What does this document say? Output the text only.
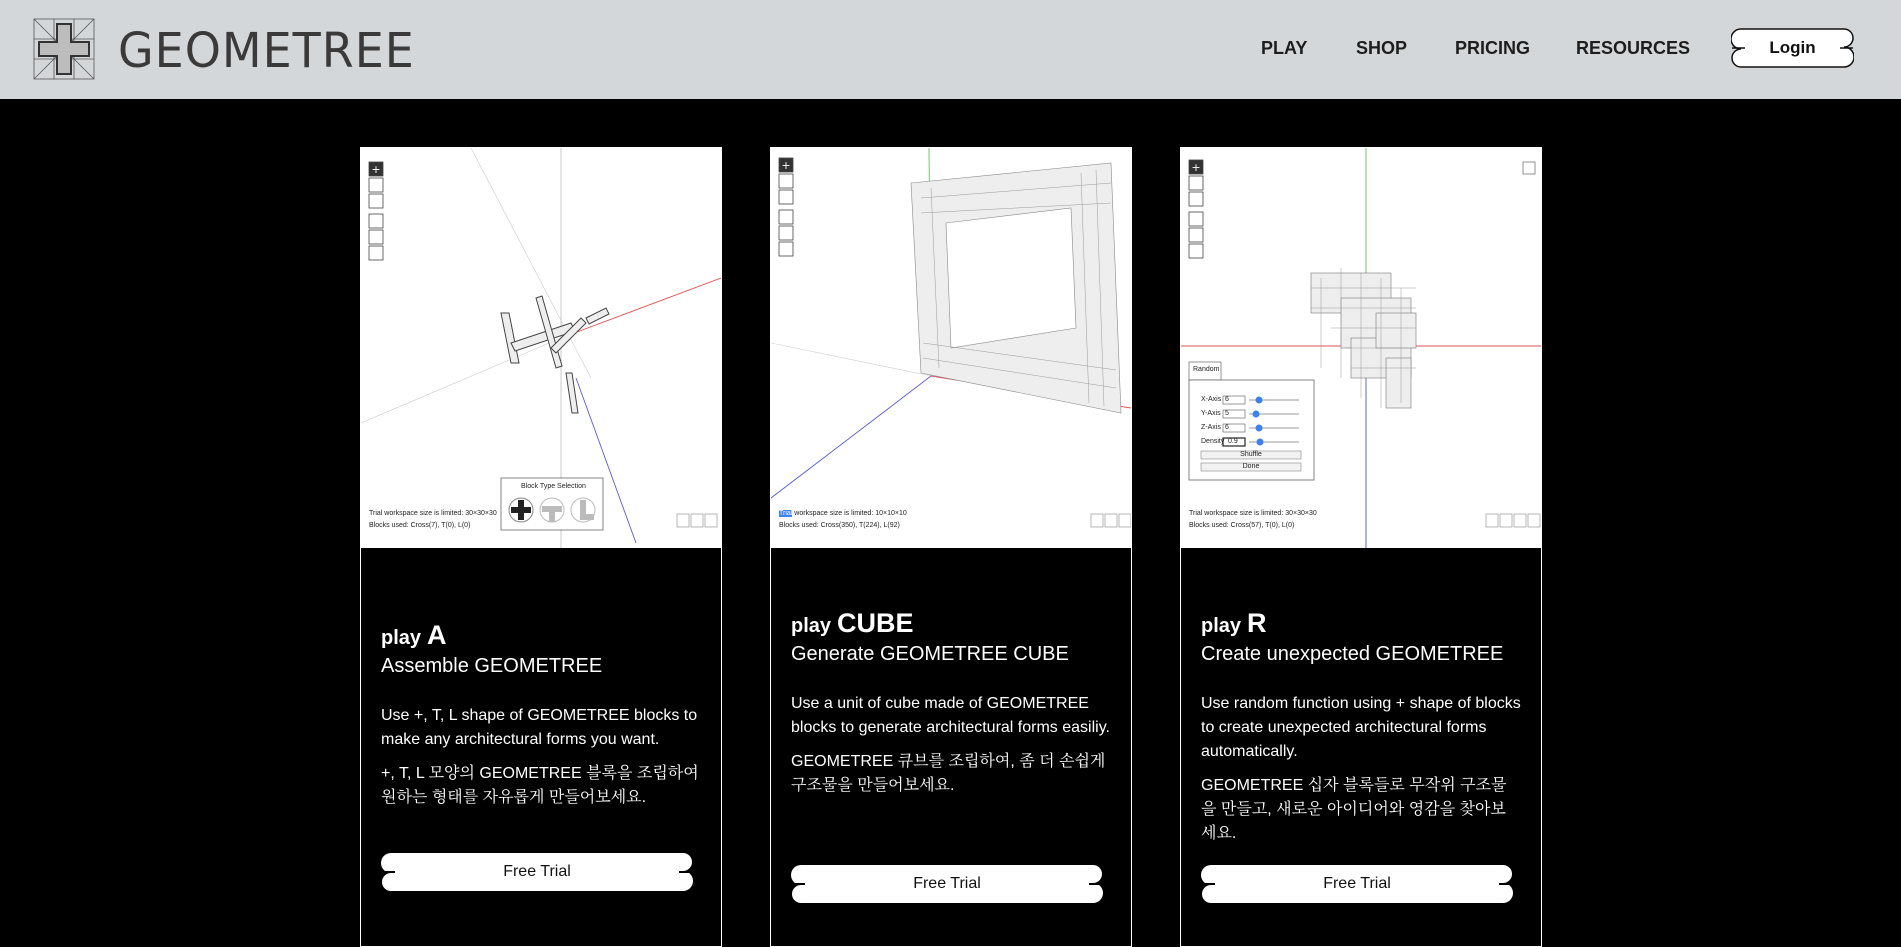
GEOMETREE	PLAY	SHOP	PRICING	RESOURCES	Login
+
Block Type Selection
Trial workspace size is limited: 30×30×30
Blocks used: Cross(7), T(0), L(0)
play A
Assemble GEOMETREE
Use +, T, L shape of GEOMETREE blocks to make any architectural forms you want.
+, T, L 모양의 GEOMETREE 블록을 조립하여 원하는 형태를 자유롭게 만들어보세요.
Free Trial
+
Trial workspace size is limited: 10×10×10
Blocks used: Cross(350), T(224), L(92)
play CUBE
Generate GEOMETREE CUBE
Use a unit of cube made of GEOMETREE blocks to generate architectural forms easiliy.
GEOMETREE 큐브를 조립하여, 좀 더 손쉽게 구조물을 만들어보세요.
Free Trial
+
Random
X-Axis 6
Y-Axis 5
Z-Axis 6
Density 0.9
Shuffle
Done
Trial workspace size is limited: 30×30×30
Blocks used: Cross(57), T(0), L(0)
play R
Create unexpected GEOMETREE
Use random function using + shape of blocks to create unexpected architectural forms automatically.
GEOMETREE 십자 블록들로 무작위 구조물을 만들고, 새로운 아이디어와 영감을 찾아보세요.
Free Trial
